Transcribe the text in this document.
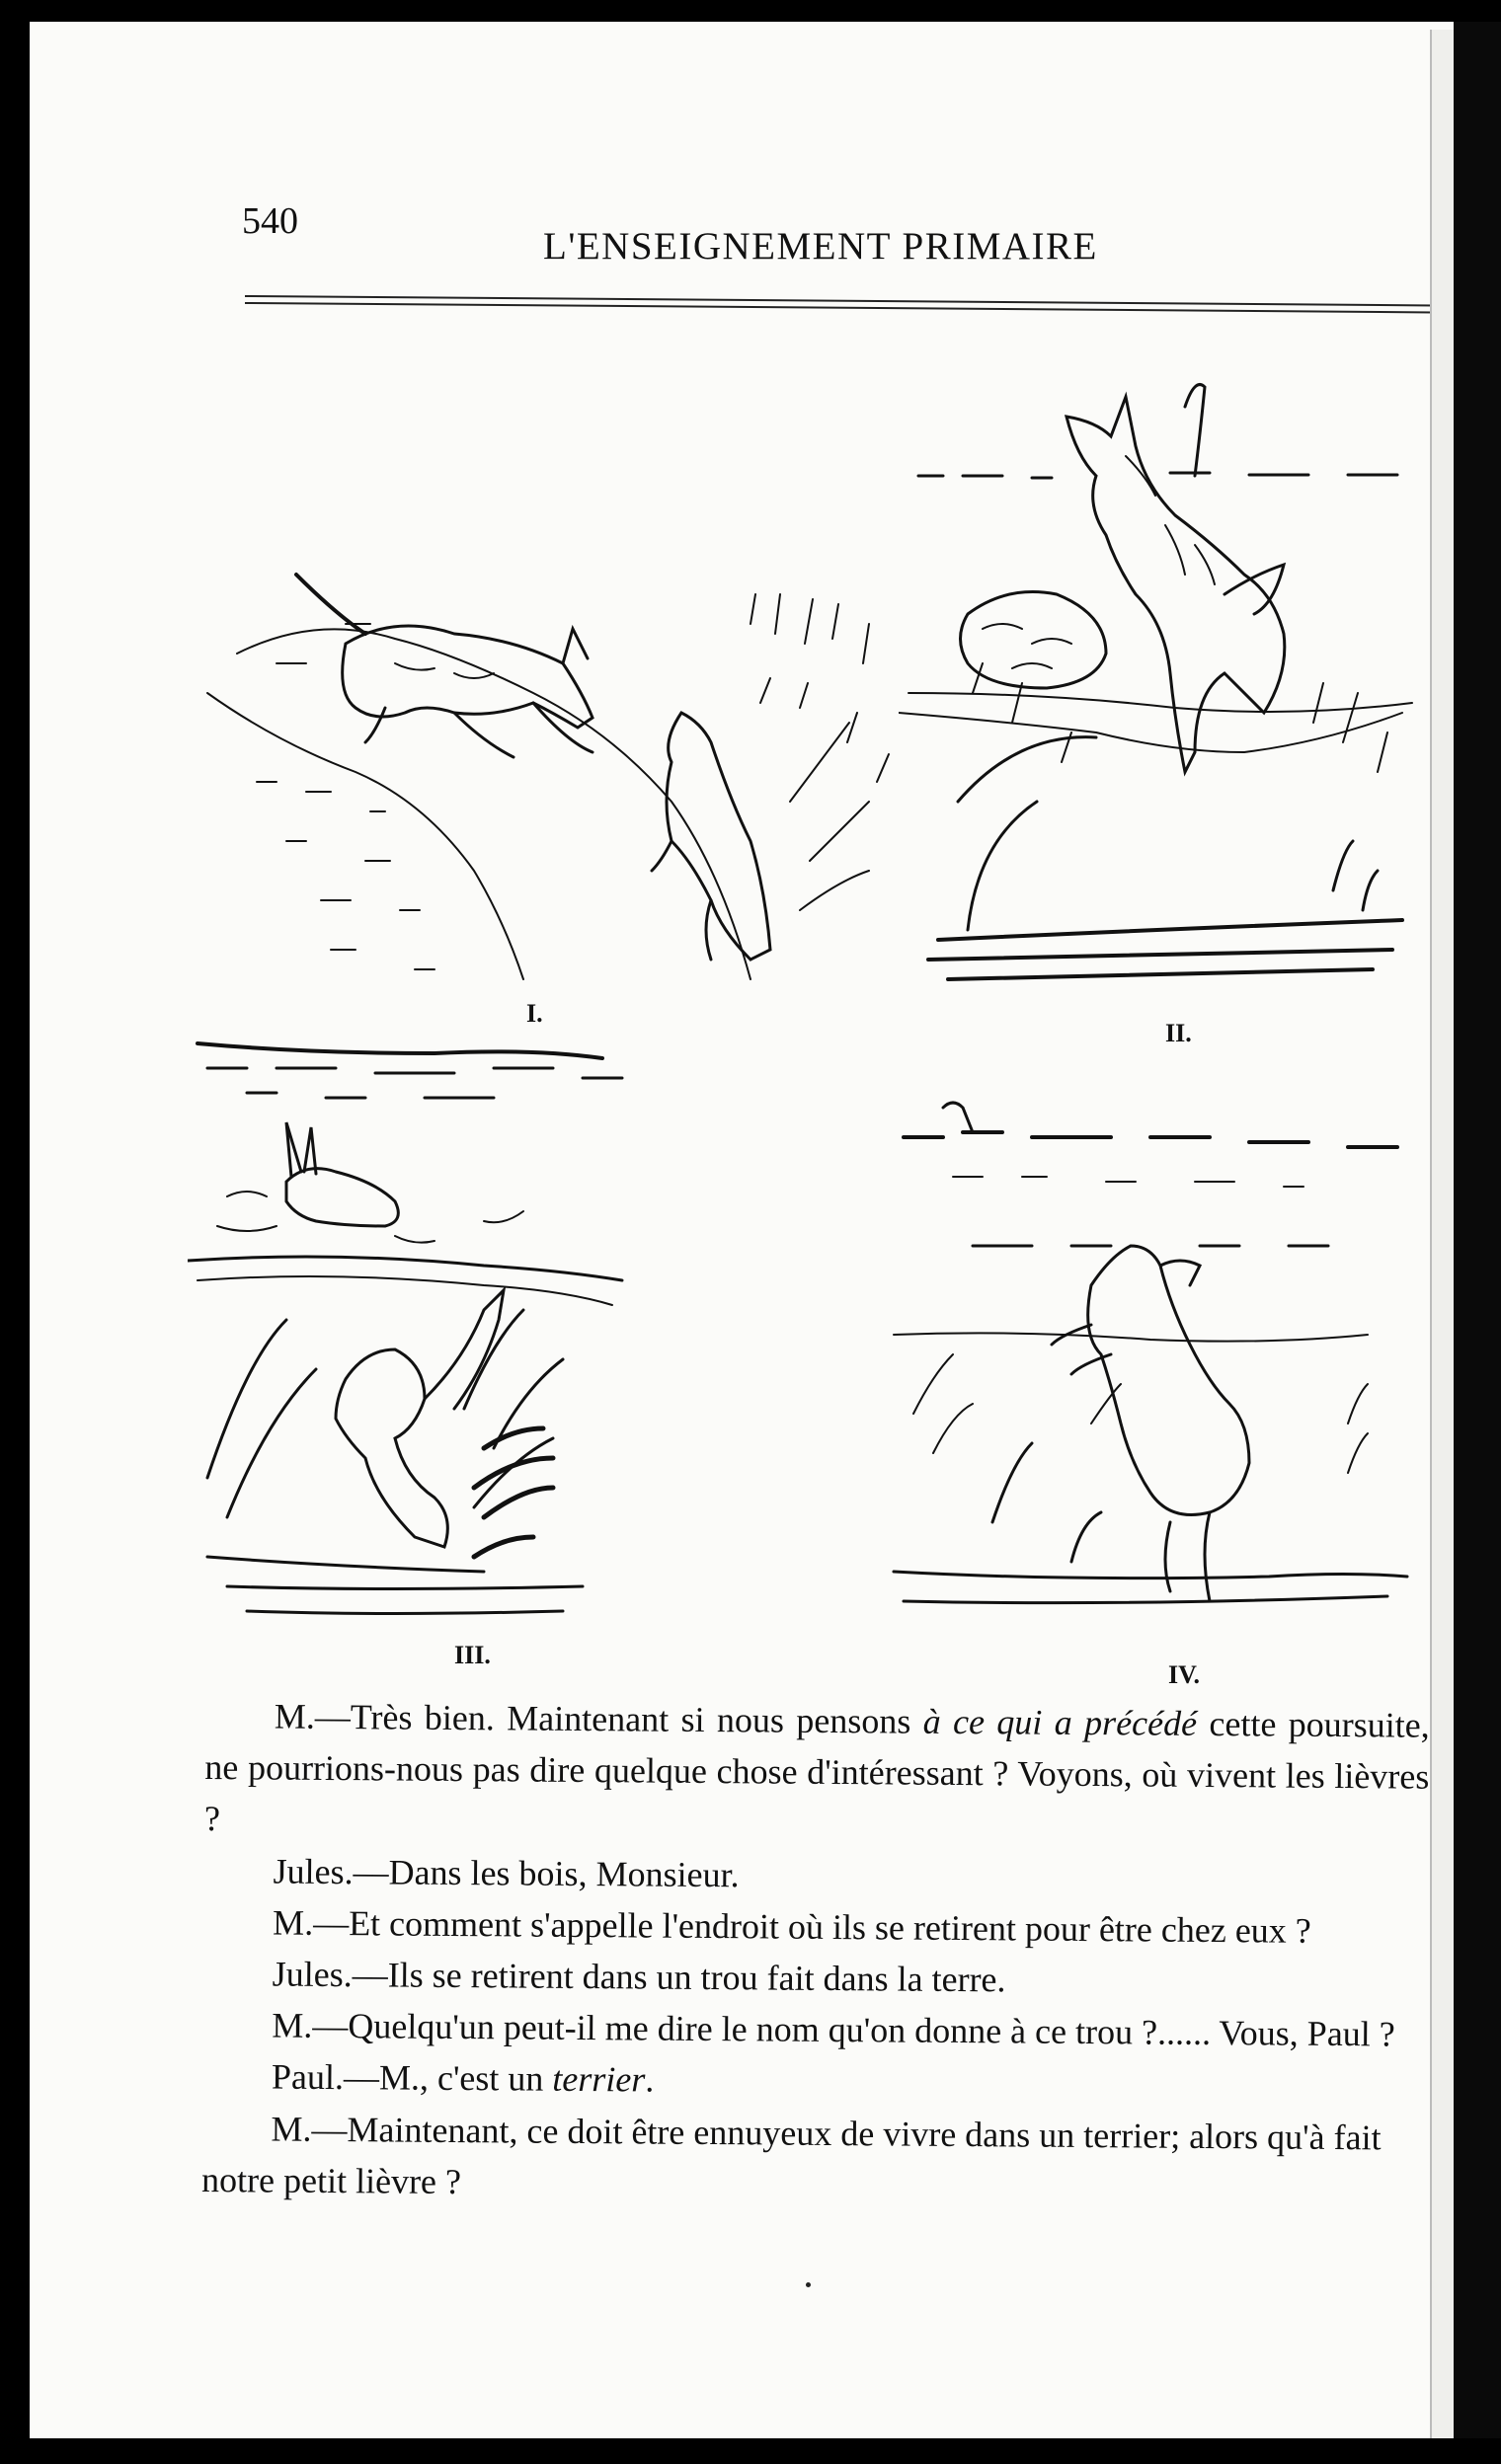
540
L'ENSEIGNEMENT PRIMAIRE
I.
II.
III.
IV.

M.—Très bien. Maintenant si nous pensons à ce qui a précédé cette poursuite, ne pourrions-nous pas dire quelque chose d'intéressant ? Voyons, où vivent les lièvres ?

Jules.—Dans les bois, Monsieur.

M.—Et comment s'appelle l'endroit où ils se retirent pour être chez eux ?

Jules.—Ils se retirent dans un trou fait dans la terre.

M.—Quelqu'un peut-il me dire le nom qu'on donne à ce trou ?...... Vous, Paul ?

Paul.—M., c'est un terrier.

M.—Maintenant, ce doit être ennuyeux de vivre dans un terrier; alors qu'à fait notre petit lièvre ?
